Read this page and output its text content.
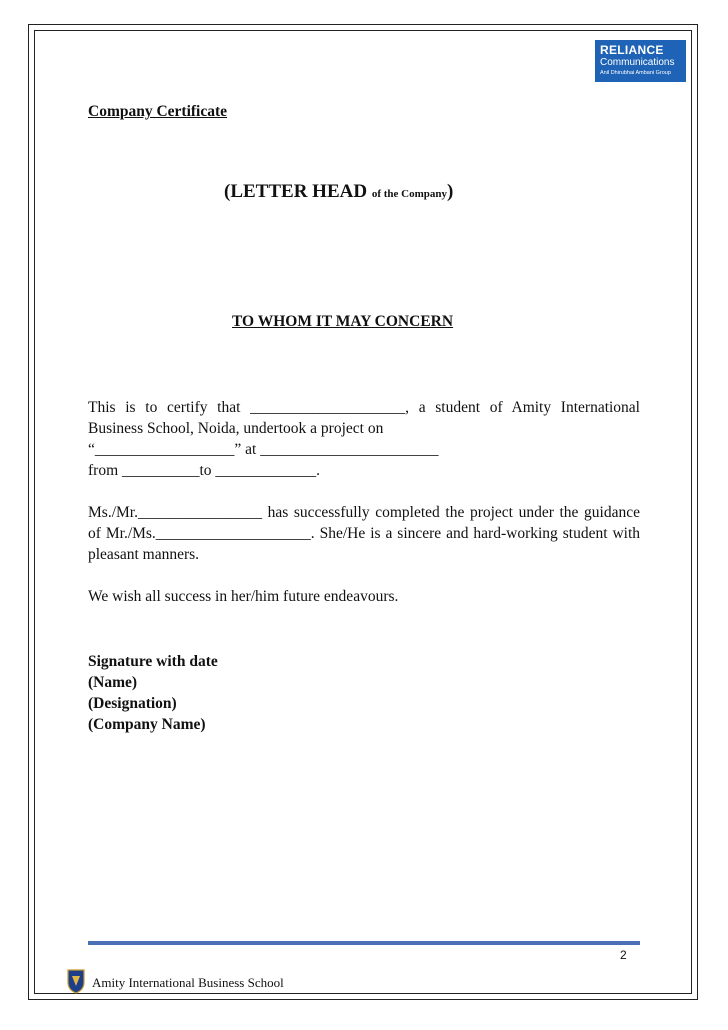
RELIANCE
Communications
Anil Dhirubhai Ambani Group
Company Certificate
(LETTER HEAD of the Company)
TO WHOM IT MAY CONCERN
This is to certify that ____________________, a student of Amity International Business School, Noida, undertook a project on
“__________________” at _______________________
from __________to _____________.
Ms./Mr.________________ has successfully completed the project under the guidance of Mr./Ms.____________________. She/He is a sincere and hard-working student with pleasant manners.
We wish all success in her/him future endeavours.
Signature with date
(Name)
(Designation)
(Company Name)
2
Amity International Business School
